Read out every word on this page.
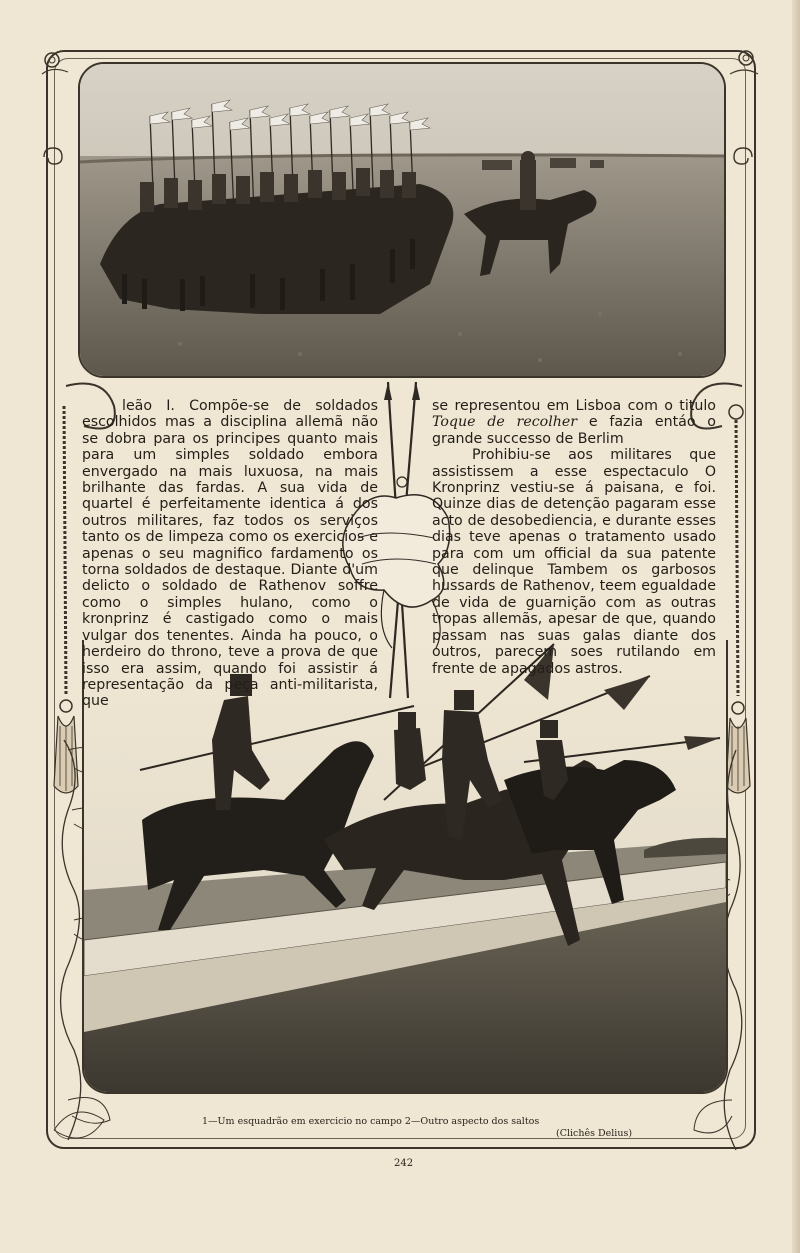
leão I. Compõe-se de soldados escolhidos mas a disciplina allemã não se dobra para os principes quanto mais para um simples soldado embora envergado na mais luxuosa, na mais brilhante das fardas. A sua vida de quartel é perfeitamente identica á dos outros militares, faz todos os serviços tanto os de limpeza como os exercicios e apenas o seu magnifico fardamento os torna soldados de destaque. Diante d'um delicto o soldado de Rathenov soffre como o simples hulano, como o kronprinz é castigado como o mais vulgar dos tenentes. Ainda ha pouco, o herdeiro do throno, teve a prova de que isso era assim, quando foi assistir á representação da peça anti-militarista, que

se representou em Lisboa com o titulo Toque de recolher e fazia entáo o grande successo de Berlim

Prohibiu-se aos militares que assistissem a esse espectaculo O Kronprinz vestiu-se á paisana, e foi. Quinze dias de detenção pagaram esse acto de desobediencia, e durante esses dias teve apenas o tratamento usado para com um official da sua patente que delinque Tambem os garbosos hussards de Rathenov, teem egualdade de vida de guarnição com as outras tropas allemãs, apesar de que, quando passam nas suas galas diante dos outros, parecem soes rutilando em frente de apagados astros.

1—Um esquadrão em exercicio no campo 2—Outro aspecto dos saltos
(Clichês Delius)
242
